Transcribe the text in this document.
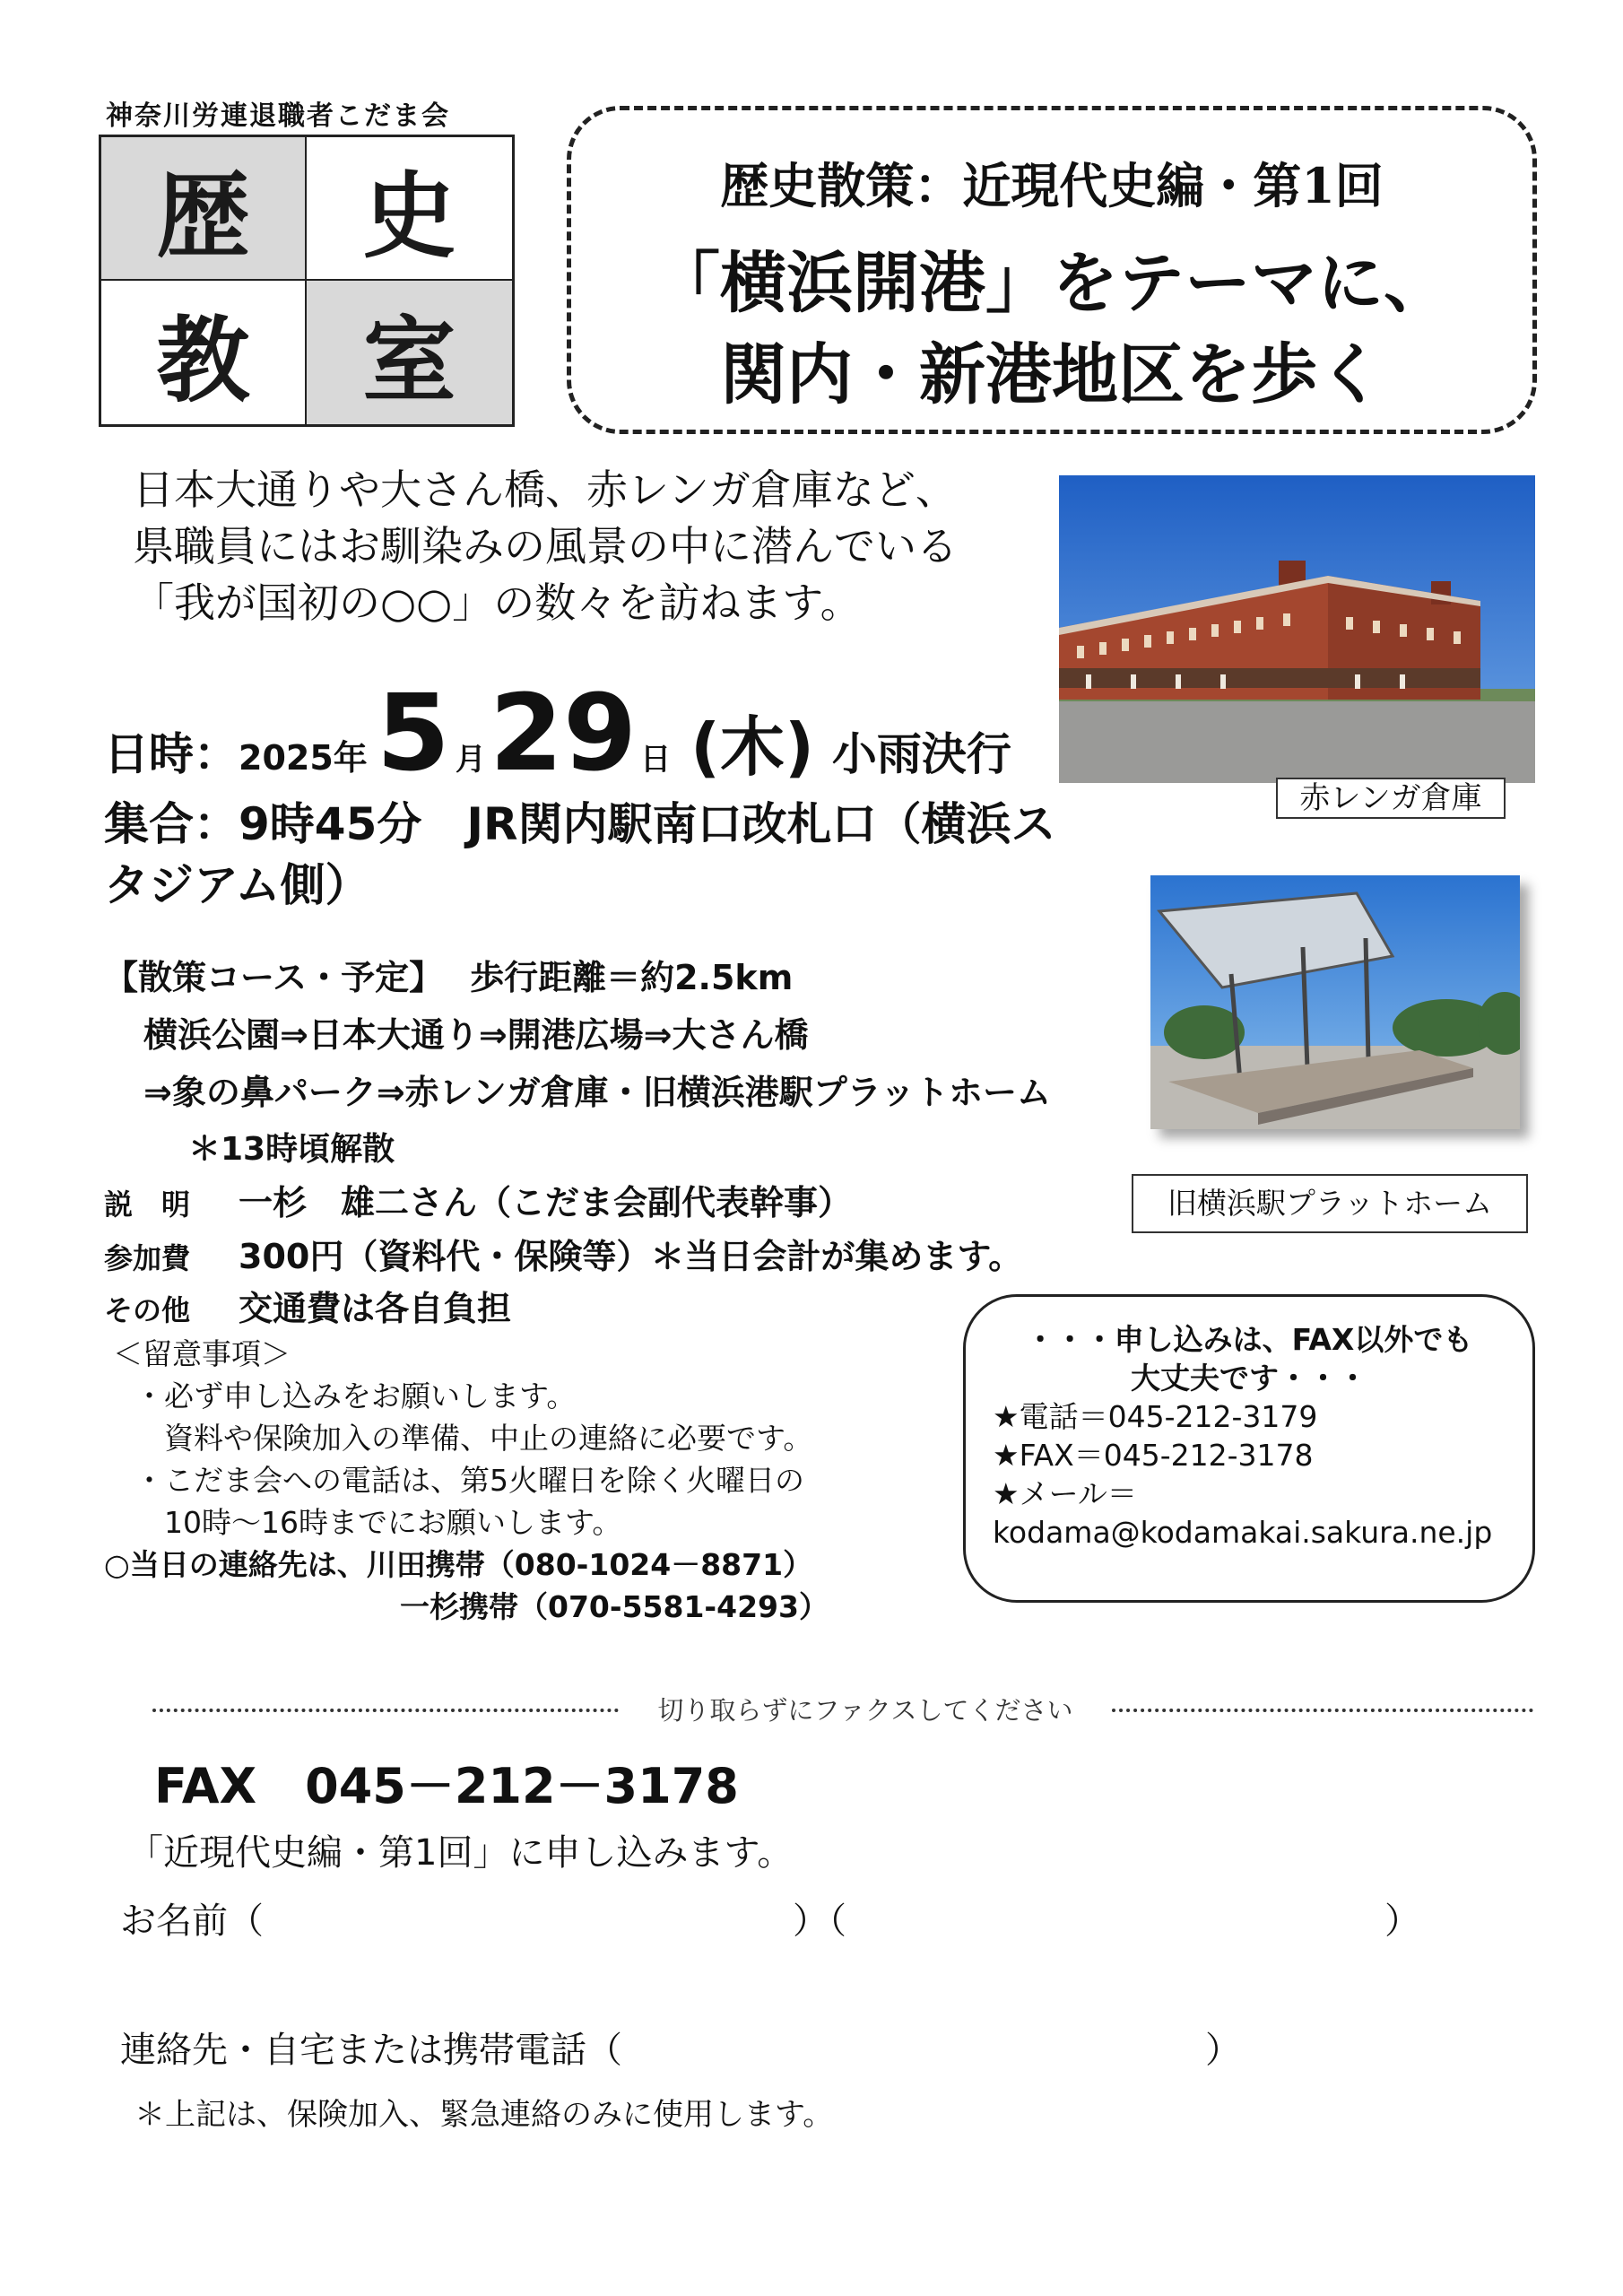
神奈川労連退職者こだま会
歴	史
教	室
歴史散策：近現代史編・第1回
「横浜開港」をテーマに、
関内・新港地区を歩く
日本大通りや大さん橋、赤レンガ倉庫など、
県職員にはお馴染みの風景の中に潜んでいる
「我が国初の○○」の数々を訪ねます。
赤レンガ倉庫
旧横浜駅プラットホーム
日時：2025年5 月29 日 (木) 小雨決行
集合：9時45分　JR関内駅南口改札口（横浜スタジアム側）
【散策コース・予定】 歩行距離＝約2.5km
横浜公園⇒日本大通り⇒開港広場⇒大さん橋
⇒象の鼻パーク⇒赤レンガ倉庫・旧横浜港駅プラットホーム
＊13時頃解散
説　明 一杉　雄二さん（こだま会副代表幹事）
参加費 300円（資料代・保険等）＊当日会計が集めます。
その他 交通費は各自負担
＜留意事項＞
・必ず申し込みをお願いします。
　資料や保険加入の準備、中止の連絡に必要です。
・こだま会への電話は、第5火曜日を除く火曜日の
　10時～16時までにお願いします。
○当日の連絡先は、川田携帯（080-1024－8871）
一杉携帯（070-5581-4293）
・・・申し込みは、FAX以外でも
大丈夫です・・・
★電話＝045-212-3179
★FAX＝045-212-3178
★メール＝
kodama@kodamakai.sakura.ne.jp
切り取らずにファクスしてください
FAX　045－212－3178
「近現代史編・第1回」に申し込みます。
お名前（	）（	）
連絡先・自宅または携帯電話（	）
＊上記は、保険加入、緊急連絡のみに使用します。
